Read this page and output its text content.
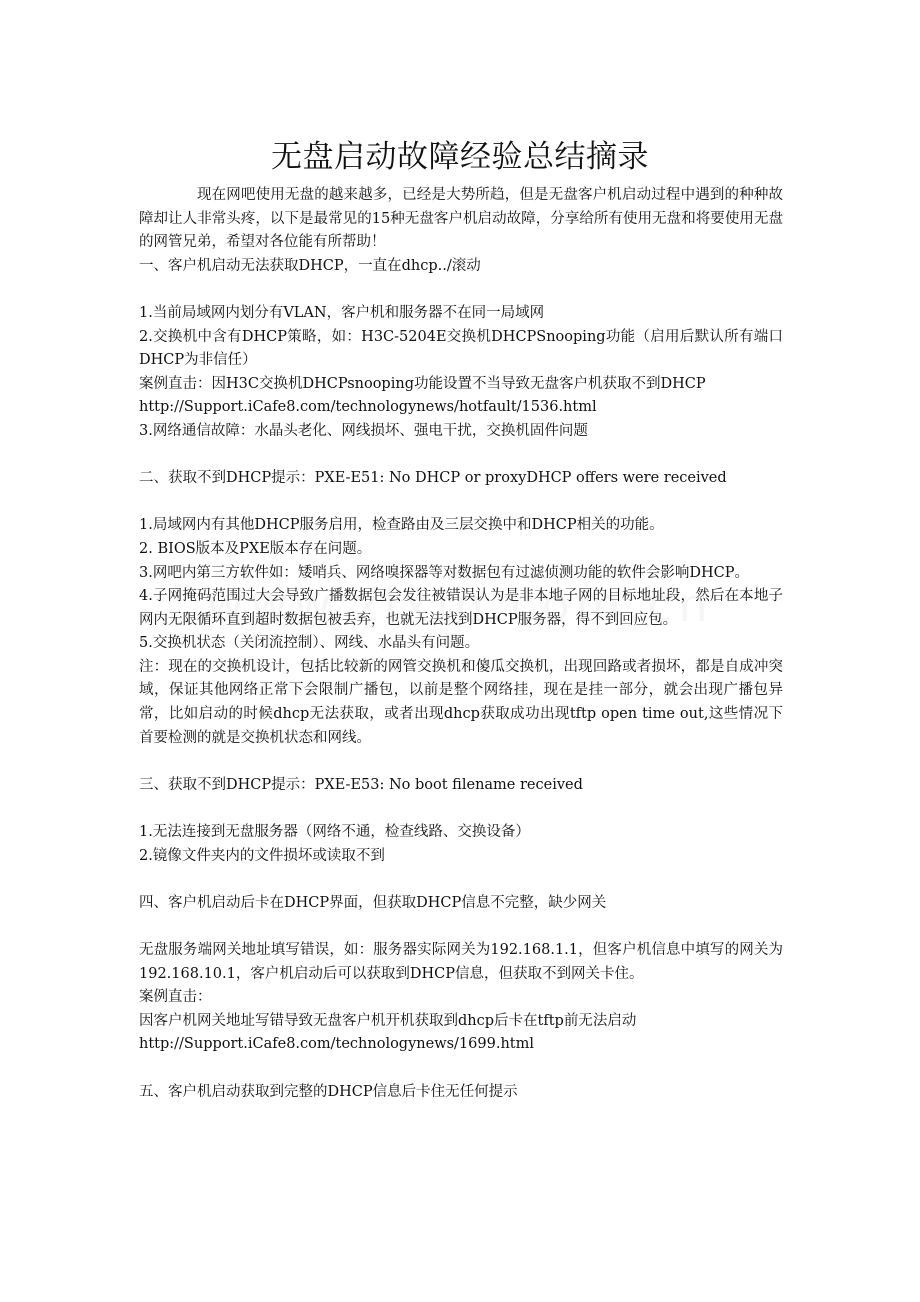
无盘启动故障经验总结摘录

现在网吧使用无盘的越来越多，已经是大势所趋，但是无盘客户机启动过程中遇到的种种故障却让人非常头疼，以下是最常见的15种无盘客户机启动故障，分享给所有使用无盘和将要使用无盘的网管兄弟，希望对各位能有所帮助！

一、客户机启动无法获取DHCP，一直在dhcp../滚动

1.当前局域网内划分有VLAN，客户机和服务器不在同一局域网

2.交换机中含有DHCP策略，如：H3C-5204E交换机DHCPSnooping功能（启用后默认所有端口DHCP为非信任）

案例直击：因H3C交换机DHCPsnooping功能设置不当导致无盘客户机获取不到DHCP

http://Support.iCafe8.com/technologynews/hotfault/1536.html

3.网络通信故障：水晶头老化、网线损坏、强电干扰，交换机固件问题

二、获取不到DHCP提示：PXE-E51: No DHCP or proxyDHCP offers were received

1.局域网内有其他DHCP服务启用，检查路由及三层交换中和DHCP相关的功能。

2. BIOS版本及PXE版本存在问题。

3.网吧内第三方软件如：矮哨兵、网络嗅探器等对数据包有过滤侦测功能的软件会影响DHCP。

4.子网掩码范围过大会导致广播数据包会发往被错误认为是非本地子网的目标地址段，然后在本地子网内无限循环直到超时数据包被丢弃，也就无法找到DHCP服务器，得不到回应包。

5.交换机状态（关闭流控制）、网线、水晶头有问题。

注：现在的交换机设计，包括比较新的网管交换机和傻瓜交换机，出现回路或者损坏，都是自成冲突域，保证其他网络正常下会限制广播包，以前是整个网络挂，现在是挂一部分，就会出现广播包异常，比如启动的时候dhcp无法获取，或者出现dhcp获取成功出现tftp open time out,这些情况下首要检测的就是交换机状态和网线。

三、获取不到DHCP提示：PXE-E53: No boot filename received

1.无法连接到无盘服务器（网络不通，检查线路、交换设备）

2.镜像文件夹内的文件损坏或读取不到

四、客户机启动后卡在DHCP界面，但获取DHCP信息不完整，缺少网关

无盘服务端网关地址填写错误，如：服务器实际网关为192.168.1.1，但客户机信息中填写的网关为192.168.10.1，客户机启动后可以获取到DHCP信息，但获取不到网关卡住。

案例直击：

因客户机网关地址写错导致无盘客户机开机获取到dhcp后卡在tftp前无法启动

http://Support.iCafe8.com/technologynews/1699.html

五、客户机启动获取到完整的DHCP信息后卡住无任何提示
